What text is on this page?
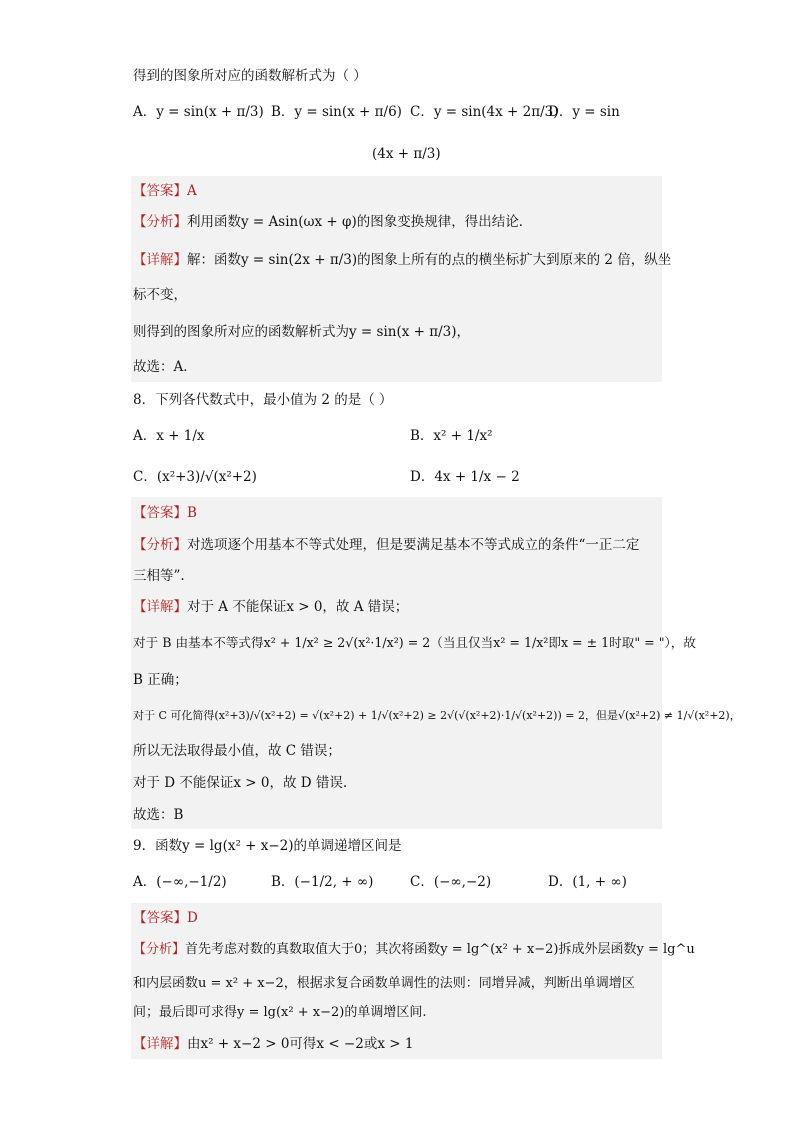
得到的图象所对应的函数解析式为（ ）
A．y = sin(x + π/3) B．y = sin(x + π/6) C．y = sin(4x + 2π/3)
D．y = sin
(4x + π/3)
【答案】A
【分析】利用函数y = Asin(ωx + φ)的图象变换规律，得出结论．
【详解】解：函数y = sin(2x + π/3)的图象上所有的点的横坐标扩大到原来的 2 倍，纵坐
标不变，
则得到的图象所对应的函数解析式为y = sin(x + π/3)，
故选：A．
8．下列各代数式中，最小值为 2 的是（ ）
A．x + 1/x	B．x² + 1/x²
C．(x²+3)/√(x²+2)	D．4x + 1/x − 2
【答案】B
【分析】对选项逐个用基本不等式处理，但是要满足基本不等式成立的条件“一正二定
三相等”.
【详解】对于 A 不能保证x > 0，故 A 错误；
对于 B 由基本不等式得x² + 1/x² ≥ 2√(x²·1/x²) = 2（当且仅当x² = 1/x²即x = ± 1时取" = "），故
B 正确；
对于 C 可化简得(x²+3)/√(x²+2) = √(x²+2) + 1/√(x²+2) ≥ 2√(√(x²+2)·1/√(x²+2)) = 2，但是√(x²+2) ≠ 1/√(x²+2)，
所以无法取得最小值，故 C 错误；
对于 D 不能保证x > 0，故 D 错误.
故选：B
9．函数y = lg(x² + x−2)的单调递增区间是
A．(−∞,−1/2)	B．(−1/2, + ∞)	C．(−∞,−2)	D．(1, + ∞)
【答案】D
【分析】首先考虑对数的真数取值大于0；其次将函数y = lg^(x² + x−2)拆成外层函数y = lg^u
和内层函数u = x² + x−2，根据求复合函数单调性的法则：同增异减，判断出单调增区
间；最后即可求得y = lg(x² + x−2)的单调增区间.
【详解】由x² + x−2 > 0可得x < −2或x > 1
